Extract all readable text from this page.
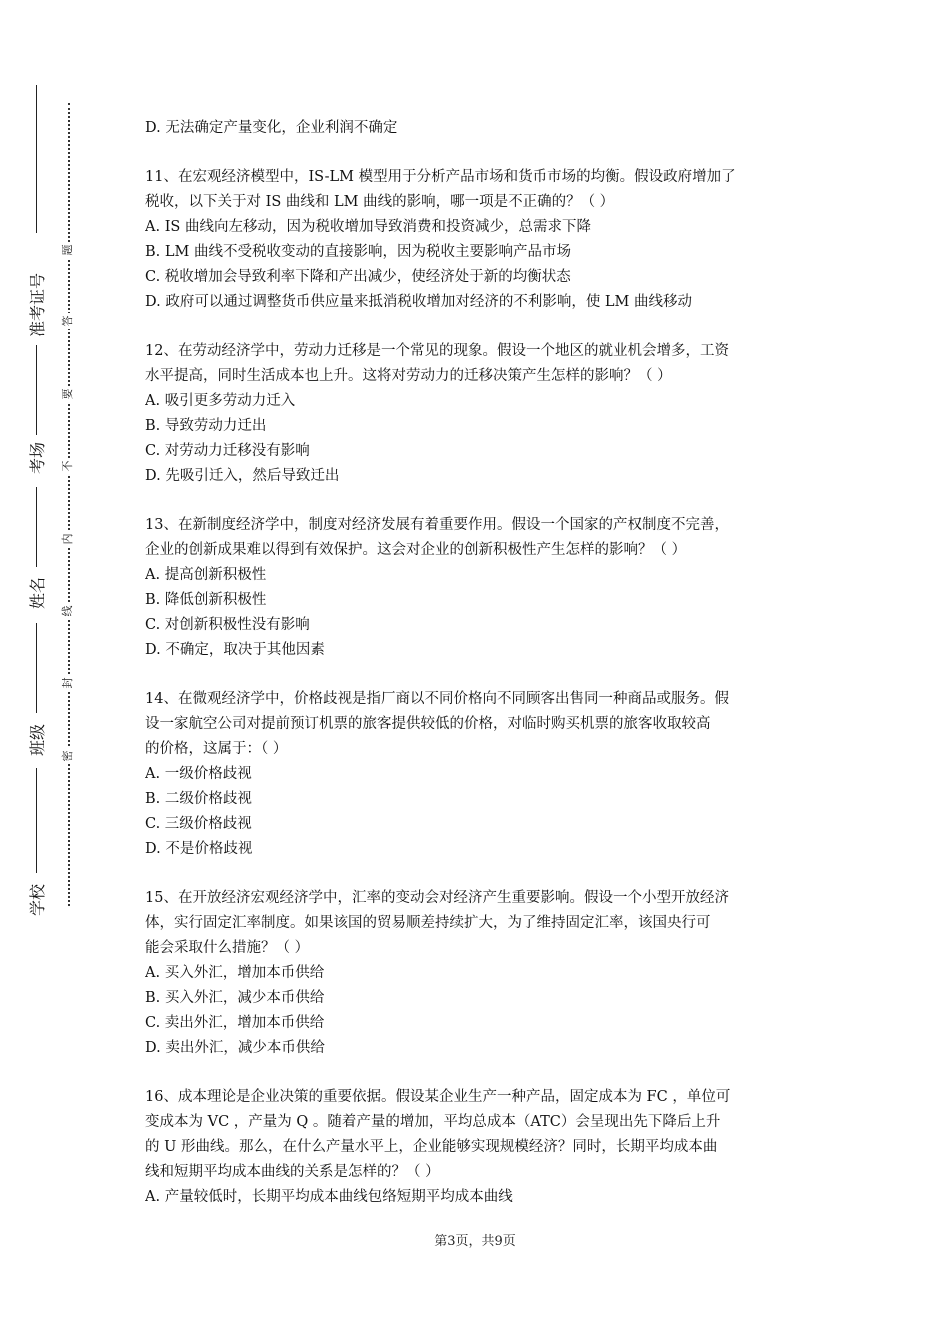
准考证号
考场
姓名
班级
学校
题
答
要
不
内
线
封
密
D. 无法确定产量变化，企业利润不确定
11、在宏观经济模型中，IS-LM 模型用于分析产品市场和货币市场的均衡。假设政府增加了
税收，以下关于对 IS 曲线和 LM 曲线的影响，哪一项是不正确的？（ ）
A. IS 曲线向左移动，因为税收增加导致消费和投资减少，总需求下降
B. LM 曲线不受税收变动的直接影响，因为税收主要影响产品市场
C. 税收增加会导致利率下降和产出减少，使经济处于新的均衡状态
D. 政府可以通过调整货币供应量来抵消税收增加对经济的不利影响，使 LM 曲线移动
12、在劳动经济学中，劳动力迁移是一个常见的现象。假设一个地区的就业机会增多，工资
水平提高，同时生活成本也上升。这将对劳动力的迁移决策产生怎样的影响？（ ）
A. 吸引更多劳动力迁入
B. 导致劳动力迁出
C. 对劳动力迁移没有影响
D. 先吸引迁入，然后导致迁出
13、在新制度经济学中，制度对经济发展有着重要作用。假设一个国家的产权制度不完善，
企业的创新成果难以得到有效保护。这会对企业的创新积极性产生怎样的影响？（ ）
A. 提高创新积极性
B. 降低创新积极性
C. 对创新积极性没有影响
D. 不确定，取决于其他因素
14、在微观经济学中，价格歧视是指厂商以不同价格向不同顾客出售同一种商品或服务。假
设一家航空公司对提前预订机票的旅客提供较低的价格，对临时购买机票的旅客收取较高
的价格，这属于：（ ）
A. 一级价格歧视
B. 二级价格歧视
C. 三级价格歧视
D. 不是价格歧视
15、在开放经济宏观经济学中，汇率的变动会对经济产生重要影响。假设一个小型开放经济
体，实行固定汇率制度。如果该国的贸易顺差持续扩大，为了维持固定汇率，该国央行可
能会采取什么措施？（ ）
A. 买入外汇，增加本币供给
B. 买入外汇，减少本币供给
C. 卖出外汇，增加本币供给
D. 卖出外汇，减少本币供给
16、成本理论是企业决策的重要依据。假设某企业生产一种产品，固定成本为 FC ，单位可
变成本为 VC ，产量为 Q 。随着产量的增加，平均总成本（ATC）会呈现出先下降后上升
的 U 形曲线。那么，在什么产量水平上，企业能够实现规模经济？同时，长期平均成本曲
线和短期平均成本曲线的关系是怎样的？（ ）
A. 产量较低时，长期平均成本曲线包络短期平均成本曲线
第3页，共9页
